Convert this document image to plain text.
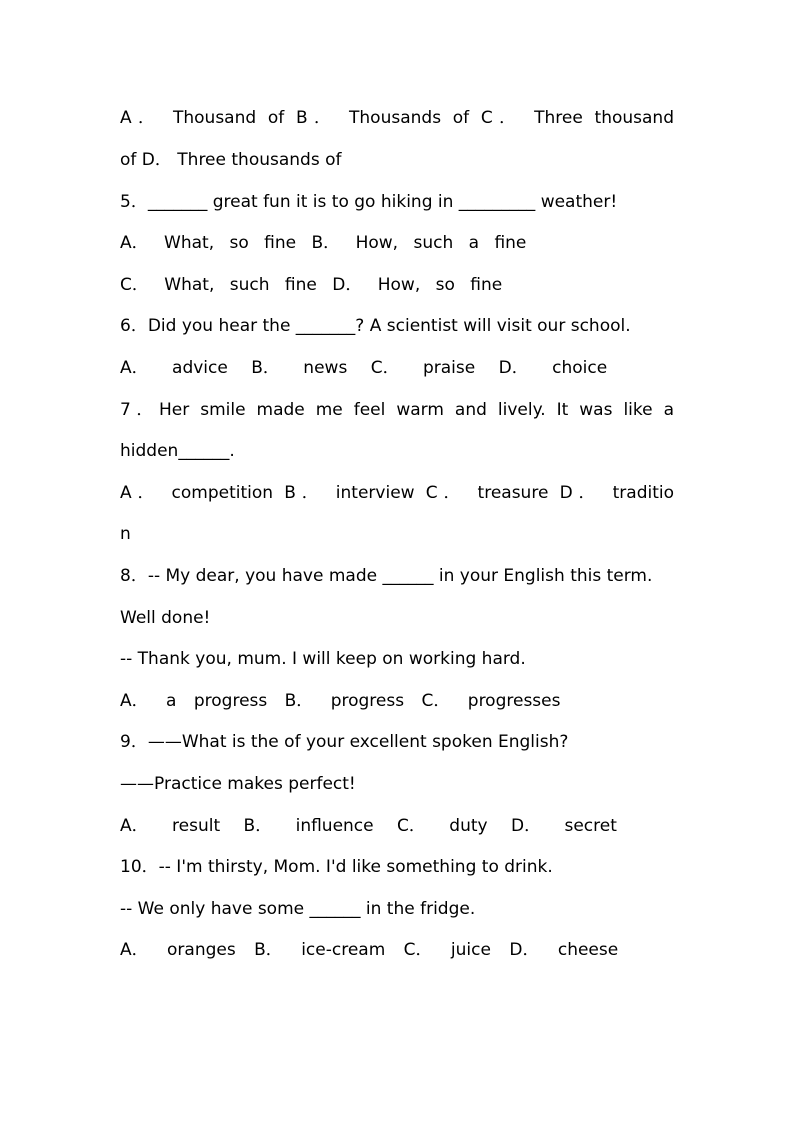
A． Thousand of B． Thousands of C． Three thousand
of D． Three thousands of
5．_______ great fun it is to go hiking in _________ weather!
A． What, so fine B． How, such a fine
C． What, such fine D． How, so fine
6．Did you hear the _______? A scientist will visit our school.
A． advice B． news C． praise D． choice
7．Her smile made me feel warm and lively. It was like a
hidden______.
A． competition B． interview C． treasure D． traditio
n
8．-- My dear, you have made ______ in your English this term.
Well done!
-- Thank you, mum. I will keep on working hard.
A． a progress B． progress C． progresses
9．——What is the of your excellent spoken English?
——Practice makes perfect!
A． result B． influence C． duty D． secret
10．-- I'm thirsty, Mom. I'd like something to drink.
-- We only have some ______ in the fridge.
A． oranges B． ice-cream C． juice D． cheese
